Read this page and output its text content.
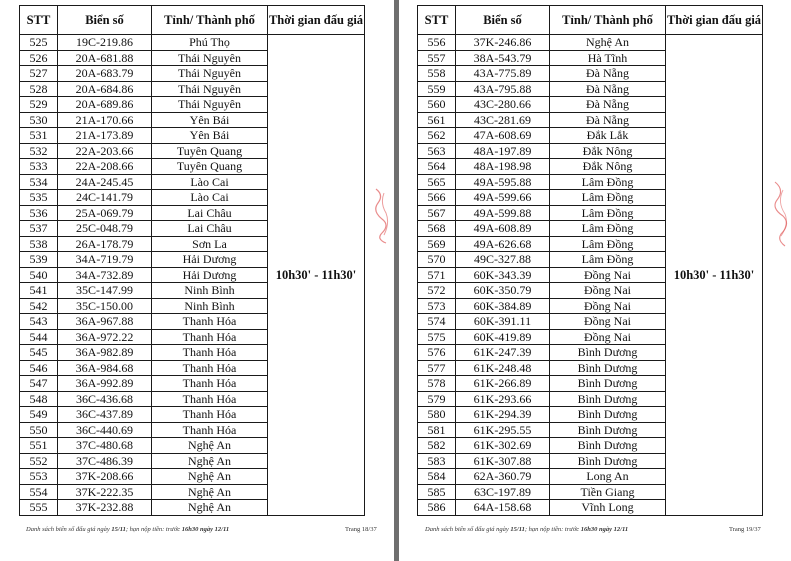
STT	Biển số	Tỉnh/ Thành phố	Thời gian đấu giá
525	19C-219.86	Phú Thọ	10h30' - 11h30'
526	20A-681.88	Thái Nguyên	
527	20A-683.79	Thái Nguyên	
528	20A-684.86	Thái Nguyên	
529	20A-689.86	Thái Nguyên	
530	21A-170.66	Yên Bái	
531	21A-173.89	Yên Bái	
532	22A-203.66	Tuyên Quang	
533	22A-208.66	Tuyên Quang	
534	24A-245.45	Lào Cai	
535	24C-141.79	Lào Cai	
536	25A-069.79	Lai Châu	
537	25C-048.79	Lai Châu	
538	26A-178.79	Sơn La	
539	34A-719.79	Hải Dương	
540	34A-732.89	Hải Dương	
541	35C-147.99	Ninh Bình	
542	35C-150.00	Ninh Bình	
543	36A-967.88	Thanh Hóa	
544	36A-972.22	Thanh Hóa	
545	36A-982.89	Thanh Hóa	
546	36A-984.68	Thanh Hóa	
547	36A-992.89	Thanh Hóa	
548	36C-436.68	Thanh Hóa	
549	36C-437.89	Thanh Hóa	
550	36C-440.69	Thanh Hóa	
551	37C-480.68	Nghệ An	
552	37C-486.39	Nghệ An	
553	37K-208.66	Nghệ An	
554	37K-222.35	Nghệ An	
555	37K-232.88	Nghệ An	
Danh sách biển số đấu giá ngày 15/11; hạn nộp tiền: trước 16h30 ngày 12/11	Trang 18/37
STT	Biển số	Tỉnh/ Thành phố	Thời gian đấu giá
556	37K-246.86	Nghệ An	10h30' - 11h30'
557	38A-543.79	Hà Tĩnh	
558	43A-775.89	Đà Nẵng	
559	43A-795.88	Đà Nẵng	
560	43C-280.66	Đà Nẵng	
561	43C-281.69	Đà Nẵng	
562	47A-608.69	Đắk Lắk	
563	48A-197.89	Đắk Nông	
564	48A-198.98	Đắk Nông	
565	49A-595.88	Lâm Đồng	
566	49A-599.66	Lâm Đồng	
567	49A-599.88	Lâm Đồng	
568	49A-608.89	Lâm Đồng	
569	49A-626.68	Lâm Đồng	
570	49C-327.88	Lâm Đồng	
571	60K-343.39	Đồng Nai	
572	60K-350.79	Đồng Nai	
573	60K-384.89	Đồng Nai	
574	60K-391.11	Đồng Nai	
575	60K-419.89	Đồng Nai	
576	61K-247.39	Bình Dương	
577	61K-248.48	Bình Dương	
578	61K-266.89	Bình Dương	
579	61K-293.66	Bình Dương	
580	61K-294.39	Bình Dương	
581	61K-295.55	Bình Dương	
582	61K-302.69	Bình Dương	
583	61K-307.88	Bình Dương	
584	62A-360.79	Long An	
585	63C-197.89	Tiền Giang	
586	64A-158.68	Vĩnh Long	
Danh sách biển số đấu giá ngày 15/11; hạn nộp tiền: trước 16h30 ngày 12/11	Trang 19/37
